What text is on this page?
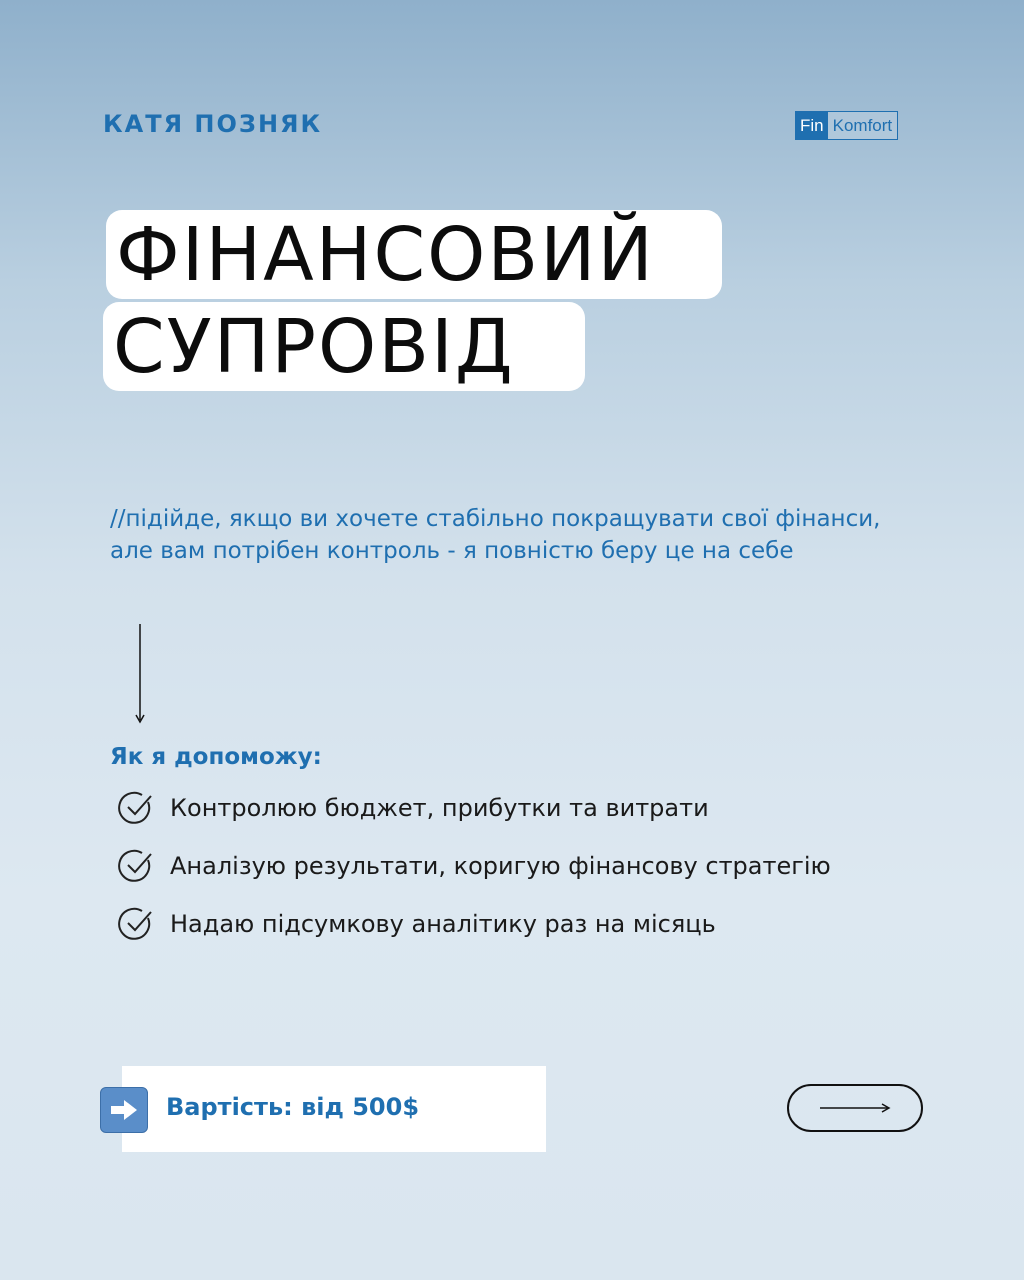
КАТЯ ПОЗНЯК	Fin Komfort
ФІНАНСОВИЙ
СУПРОВІД

//підійде, якщо ви хочете стабільно покращувати свої фінанси, але вам потрібен контроль - я повністю беру це на себе

Як я допоможу:
Контролюю бюджет, прибутки та витрати
Аналізую результати, коригую фінансову стратегію
Надаю підсумкову аналітику раз на місяць
Вартість: від 500$
